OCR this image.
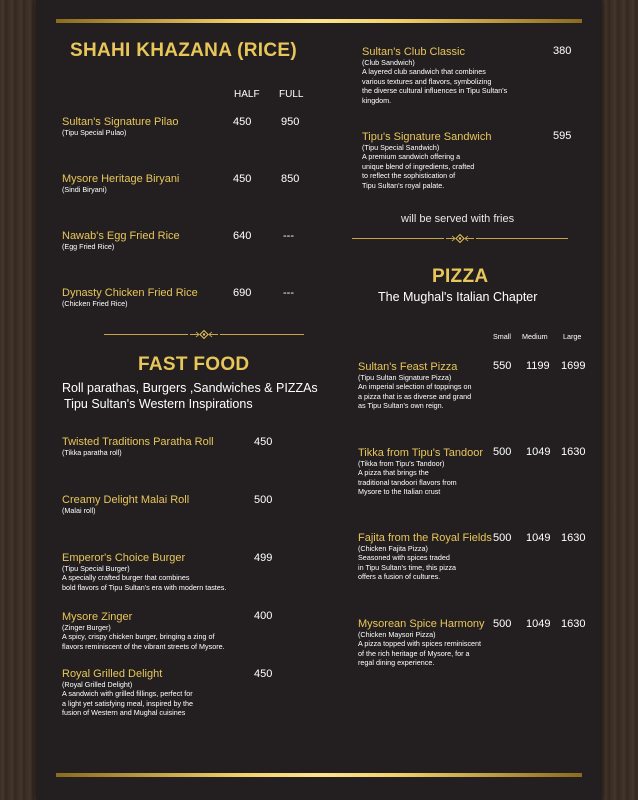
SHAHI KHAZANA (RICE)
HALF FULL
Sultan's Signature Pilao
(Tipu Special Pulao)
450	950
Mysore Heritage Biryani
(Sindi Biryani)
450	850
Nawab's Egg Fried Rice
(Egg Fried Rice)
640	---
Dynasty Chicken Fried Rice
(Chicken Fried Rice)
690	---
FAST FOOD
Roll parathas, Burgers ,Sandwiches & PIZZAs
Tipu Sultan's Western Inspirations
Twisted Traditions Paratha Roll
(Tikka paratha roll)
450
Creamy Delight Malai Roll
(Malai roll)
500
Emperor's Choice Burger
(Tipu Special Burger)
A specially crafted burger that combines
bold flavors of Tipu Sultan's era with modern tastes.
499
Mysore Zinger
(Zinger Burger)
A spicy, crispy chicken burger, bringing a zing of
flavors reminiscent of the vibrant streets of Mysore.
400
Royal Grilled Delight
(Royal Grilled Delight)
A sandwich with grilled fillings, perfect for
a light yet satisfying meal, inspired by the
fusion of Western and Mughal cuisines
450
Sultan's Club Classic
(Club Sandwich)
A layered club sandwich that combines
various textures and flavors, symbolizing
the diverse cultural influences in Tipu Sultan's
kingdom.
380
Tipu's Signature Sandwich
(Tipu Special Sandwich)
A premium sandwich offering a
unique blend of ingredients, crafted
to reflect the sophistication of
Tipu Sultan's royal palate.
595
will be served with fries
PIZZA
The Mughal's Italian Chapter
Small Medium Large
Sultan's Feast Pizza
(Tipu Sultan Signature Pizza)
An imperial selection of toppings on
a pizza that is as diverse and grand
as Tipu Sultan's own reign.
550 1199 1699
Tikka from Tipu's Tandoor
(Tikka from Tipu's Tandoor)
A pizza that brings the
traditional tandoori flavors from
Mysore to the Italian crust
500 1049 1630
Fajita from the Royal Fields
(Chicken Fajita Pizza)
Seasoned with spices traded
in Tipu Sultan's time, this pizza
offers a fusion of cultures.
500 1049 1630
Mysorean Spice Harmony
(Chicken Maysori Pizza)
A pizza topped with spices reminiscent
of the rich heritage of Mysore, for a
regal dining experience.
500 1049 1630
